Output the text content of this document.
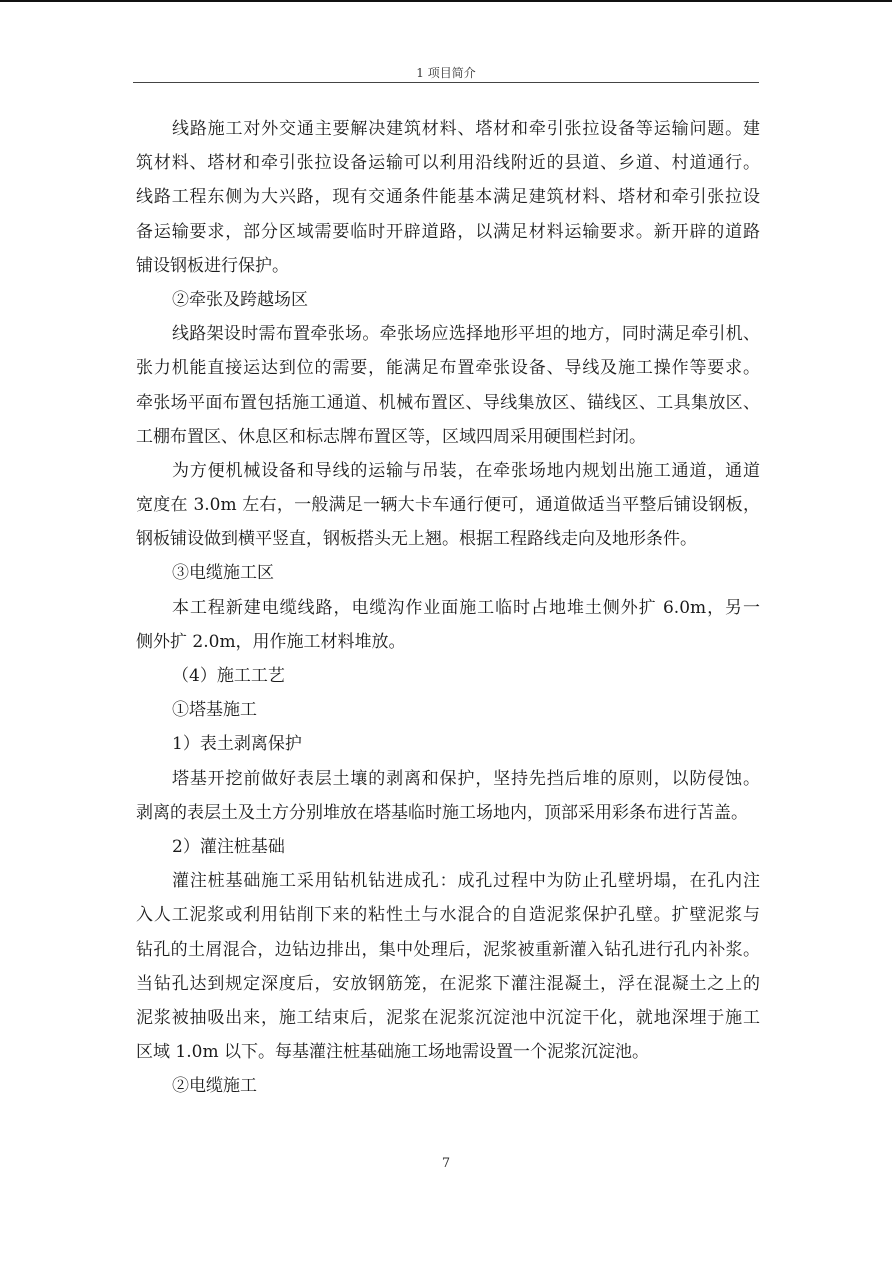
1 项目简介
线路施工对外交通主要解决建筑材料、塔材和牵引张拉设备等运输问题。建
筑材料、塔材和牵引张拉设备运输可以利用沿线附近的县道、乡道、村道通行。
线路工程东侧为大兴路，现有交通条件能基本满足建筑材料、塔材和牵引张拉设
备运输要求，部分区域需要临时开辟道路，以满足材料运输要求。新开辟的道路
铺设钢板进行保护。
②牵张及跨越场区
线路架设时需布置牵张场。牵张场应选择地形平坦的地方，同时满足牵引机、
张力机能直接运达到位的需要，能满足布置牵张设备、导线及施工操作等要求。
牵张场平面布置包括施工通道、机械布置区、导线集放区、锚线区、工具集放区、
工棚布置区、休息区和标志牌布置区等，区域四周采用硬围栏封闭。
为方便机械设备和导线的运输与吊装，在牵张场地内规划出施工通道，通道
宽度在 3.0m 左右，一般满足一辆大卡车通行便可，通道做适当平整后铺设钢板，
钢板铺设做到横平竖直，钢板搭头无上翘。根据工程路线走向及地形条件。
③电缆施工区
本工程新建电缆线路，电缆沟作业面施工临时占地堆土侧外扩 6.0m，另一
侧外扩 2.0m，用作施工材料堆放。
（4）施工工艺
①塔基施工
1）表土剥离保护
塔基开挖前做好表层土壤的剥离和保护，坚持先挡后堆的原则，以防侵蚀。
剥离的表层土及土方分别堆放在塔基临时施工场地内，顶部采用彩条布进行苫盖。
2）灌注桩基础
灌注桩基础施工采用钻机钻进成孔：成孔过程中为防止孔壁坍塌，在孔内注
入人工泥浆或利用钻削下来的粘性土与水混合的自造泥浆保护孔壁。扩壁泥浆与
钻孔的土屑混合，边钻边排出，集中处理后，泥浆被重新灌入钻孔进行孔内补浆。
当钻孔达到规定深度后，安放钢筋笼，在泥浆下灌注混凝土，浮在混凝土之上的
泥浆被抽吸出来，施工结束后，泥浆在泥浆沉淀池中沉淀干化，就地深埋于施工
区域 1.0m 以下。每基灌注桩基础施工场地需设置一个泥浆沉淀池。
②电缆施工
7
